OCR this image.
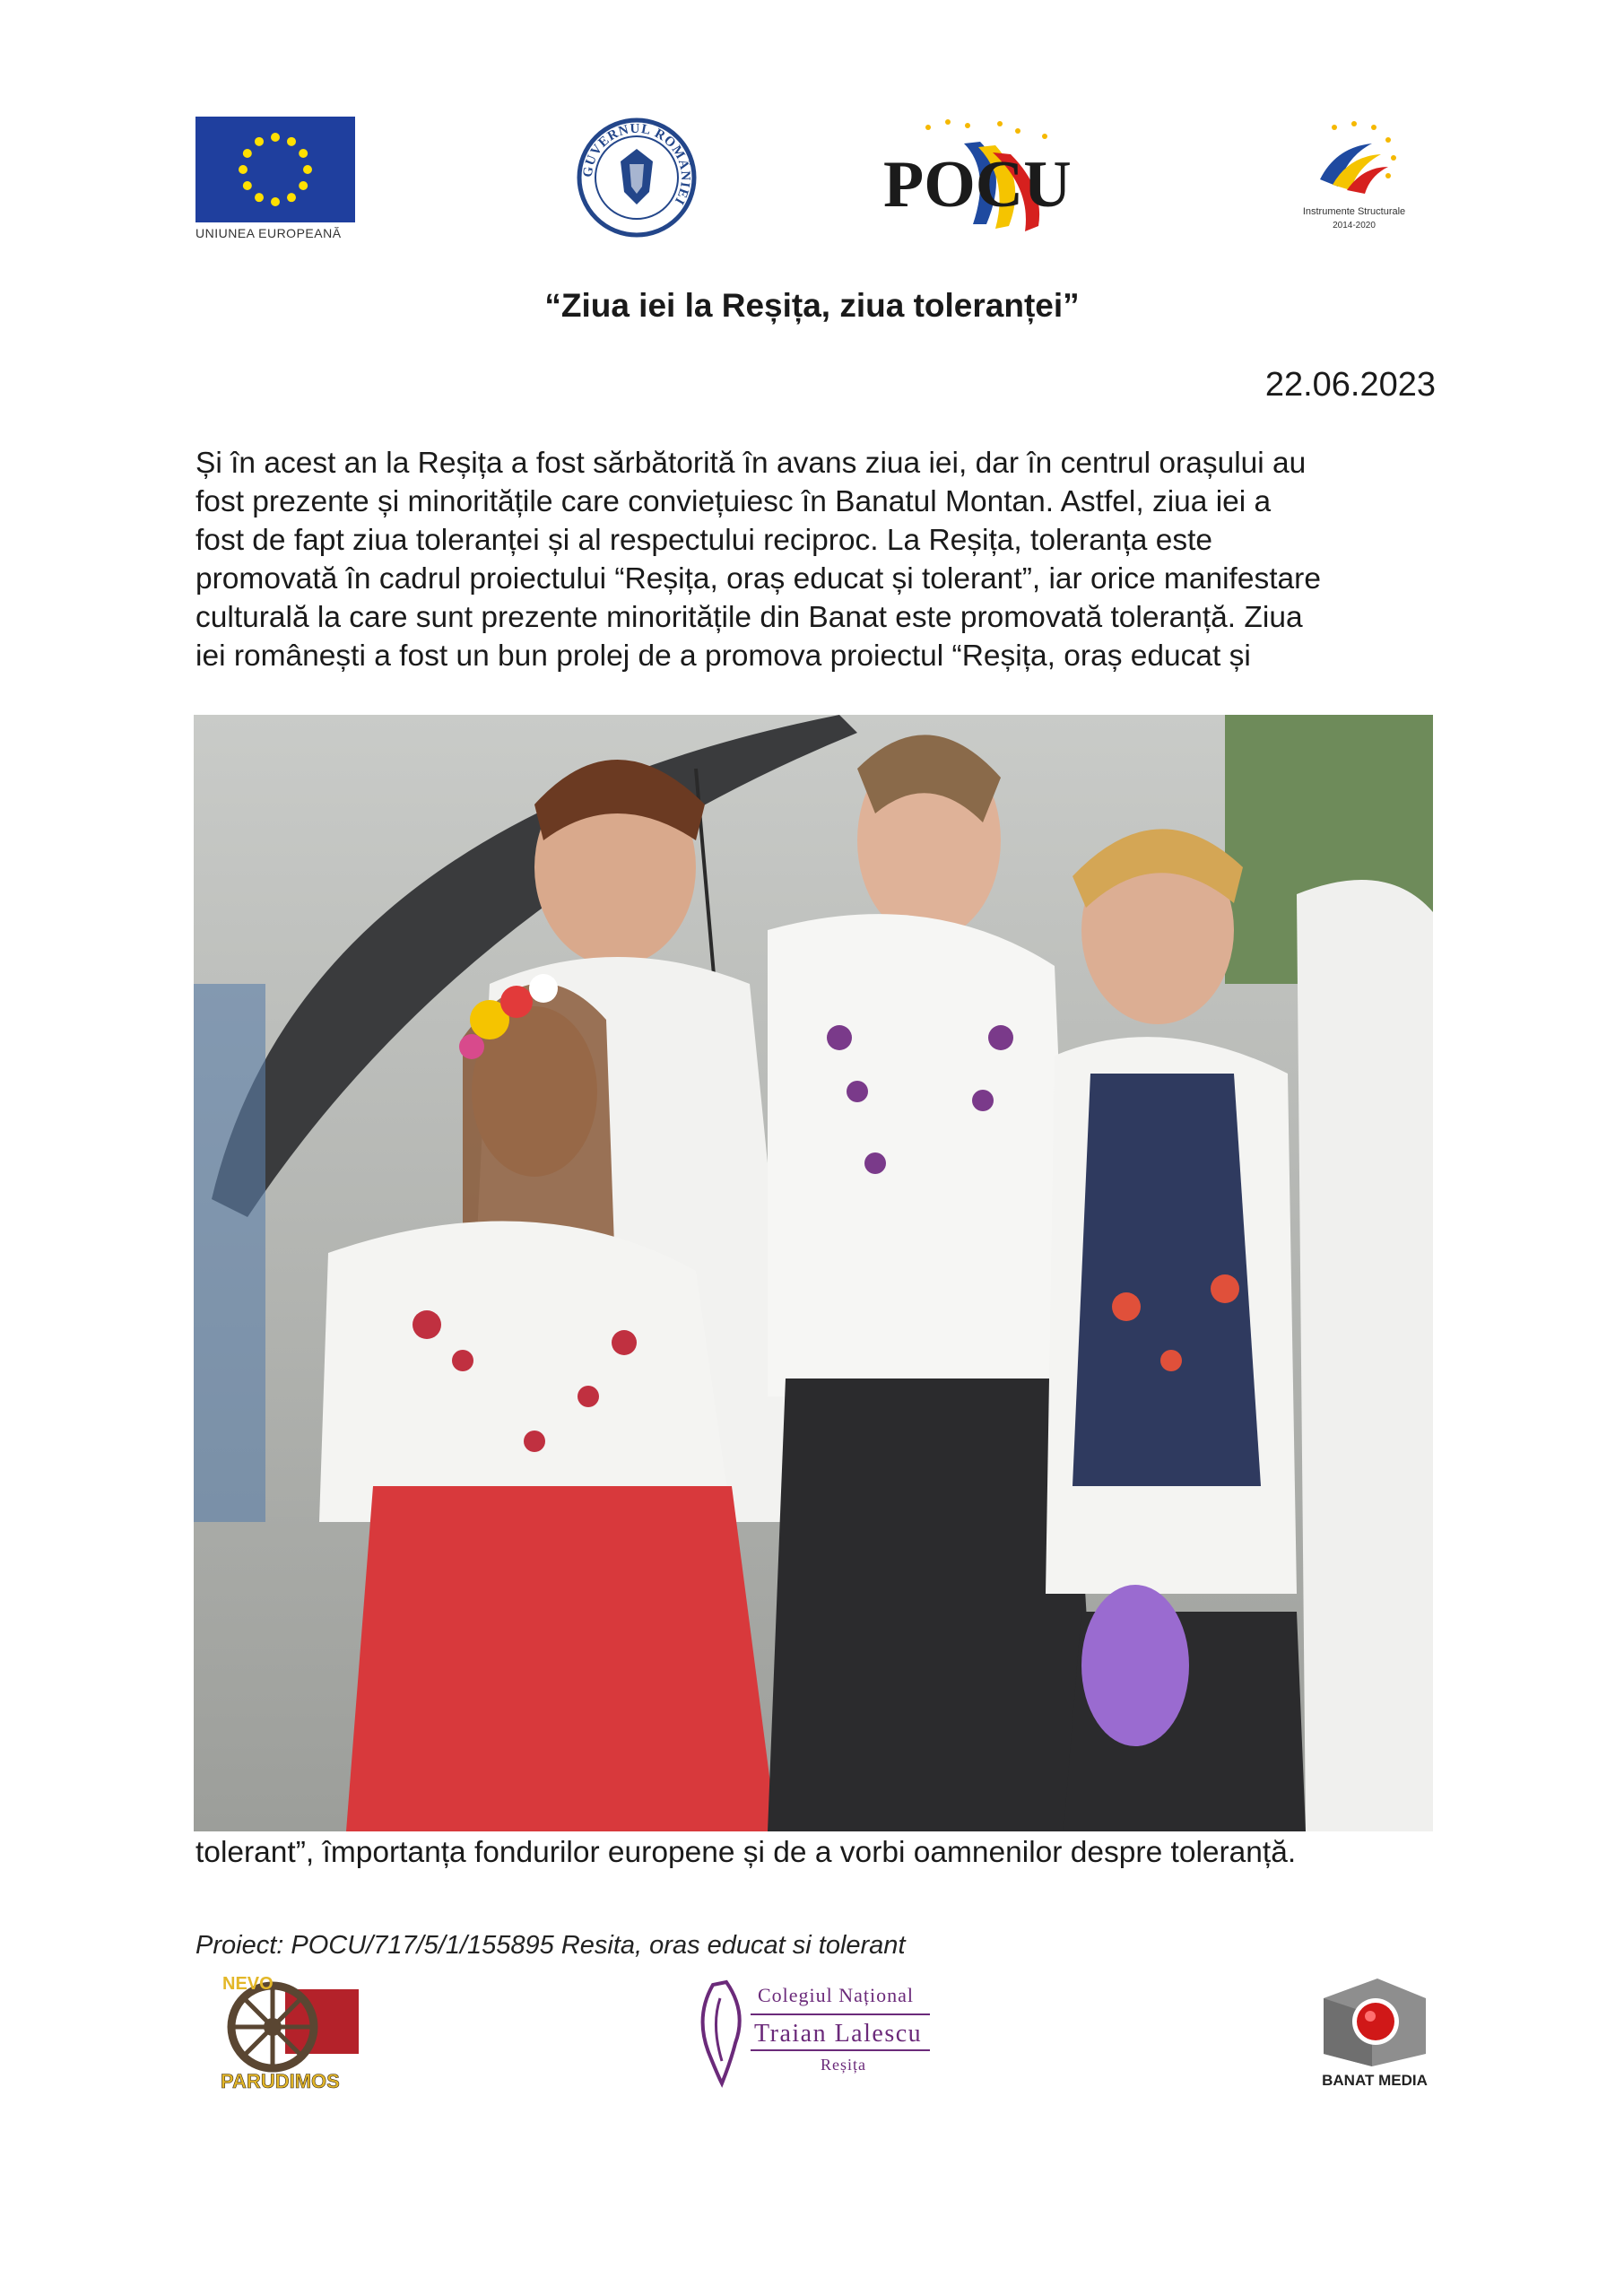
UNIUNEA EUROPEANĂ
GUVERNUL ROMÂNIEI	POCU	Instrumente Structurale
2014-2020
“Ziua iei la Reșița, ziua toleranței”
22.06.2023
Și în acest an la Reșița a fost sărbătorită în avans ziua iei, dar în centrul orașului au
fost prezente și minoritățile care conviețuiesc în Banatul Montan. Astfel, ziua iei a
fost de fapt ziua toleranței și al respectului reciproc. La Reșița, toleranța este
promovată în cadrul proiectului “Reșița, oraș educat și tolerant”, iar orice manifestare
culturală la care sunt prezente minoritățile din Banat este promovată toleranță. Ziua
iei românești a fost un bun prolej de a promova proiectul “Reșița, oraș educat și
tolerant”, împortanța fondurilor europene și de a vorbi oamnenilor despre toleranță.
Proiect: POCU/717/5/1/155895 Resita, oras educat si tolerant
NEVO
PARUDIMOS
Colegiul Național
Traian Lalescu
Reșița
BANAT MEDIA
